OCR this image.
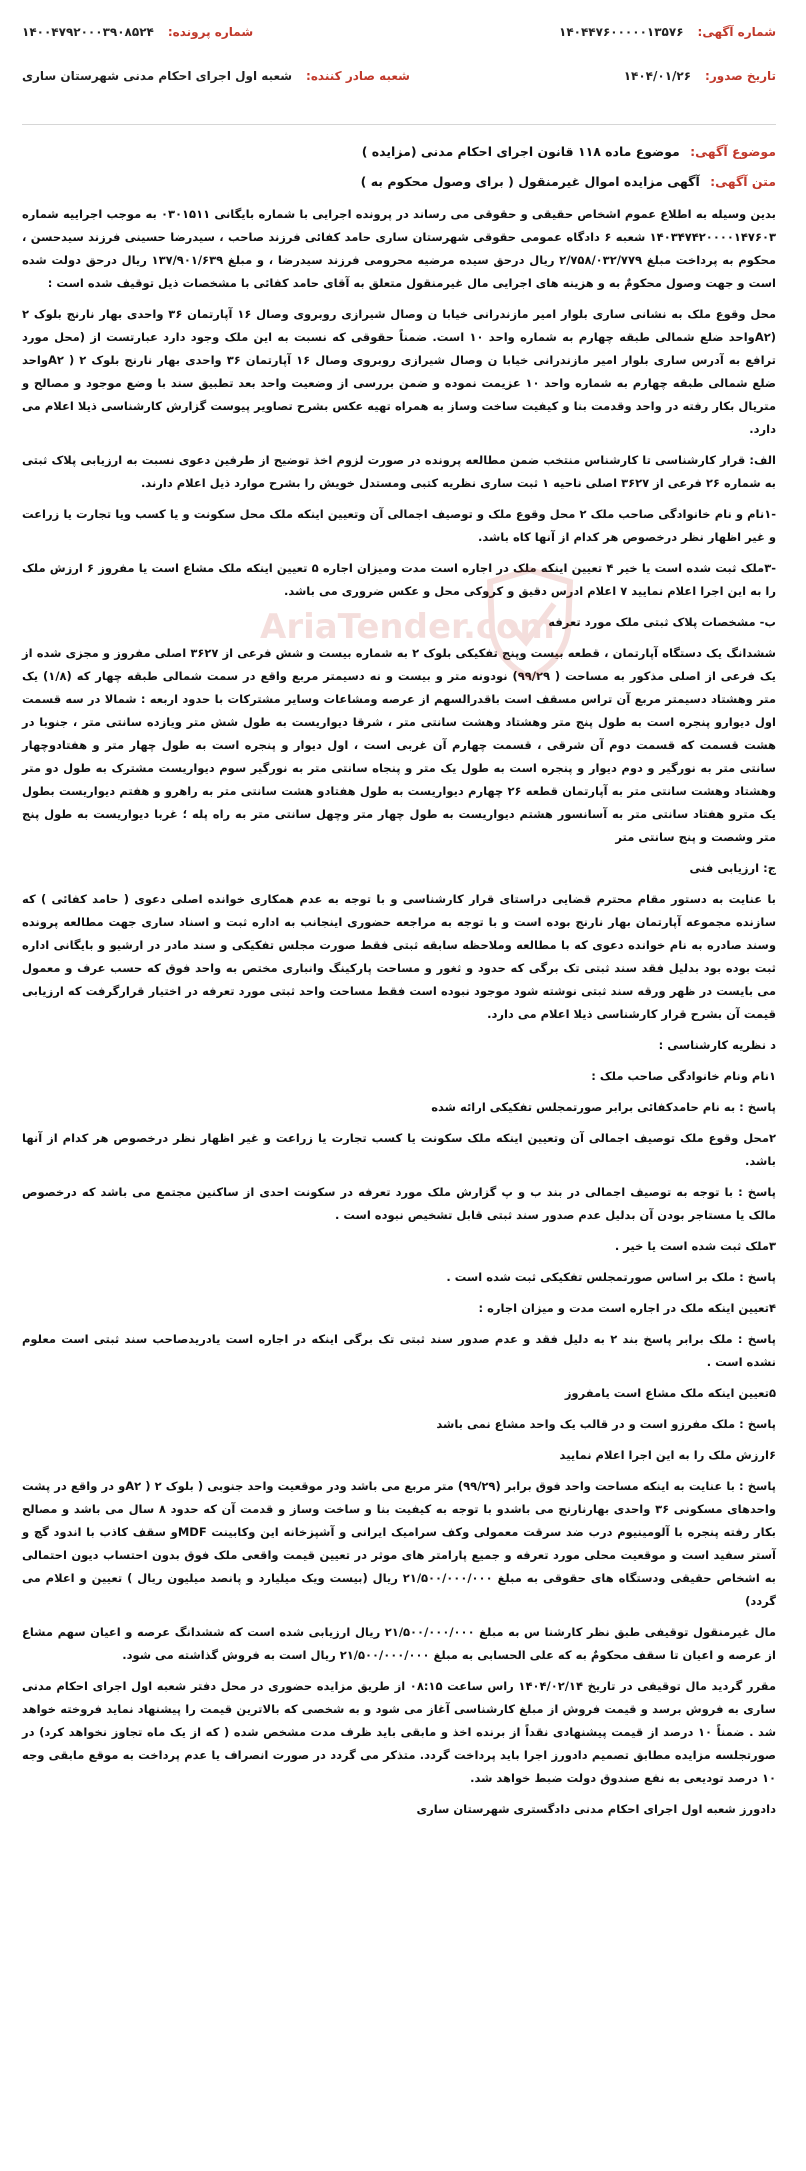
AriaTender.com
شماره آگهی:
۱۴۰۴۴۷۶۰۰۰۰۰۱۳۵۷۶
شماره پرونده:
۱۴۰۰۴۷۹۲۰۰۰۳۹۰۸۵۲۴
تاریخ صدور:
۱۴۰۴/۰۱/۲۶
شعبه صادر کننده:
شعبه اول اجرای احکام مدنی شهرستان ساری
موضوع آگهی: موضوع ماده ۱۱۸ قانون اجرای احکام مدنی (مزایده )
متن آگهی: آگهی مزایده اموال غیرمنقول ( برای وصول محکوم به )

بدین وسیله به اطلاع عموم اشخاص حقیقی و حقوقی می رساند در پرونده اجرایی با شماره بایگانی ۰۳۰۱۵۱۱ به موجب اجراییه شماره ۱۴۰۳۴۷۴۲۰۰۰۰۱۴۷۶۰۳ شعبه ۶ دادگاه عمومی حقوقی شهرستان ساری حامد کفائی فرزند صاحب ، سیدرضا حسینی فرزند سیدحسن ، محکوم به پرداخت مبلغ ۲/۷۵۸/۰۳۲/۷۷۹ ریال درحق سیده مرضیه محرومی فرزند سیدرضا ، و مبلغ ۱۳۷/۹۰۱/۶۳۹ ریال درحق دولت شده است و جهت وصول محکومٌ به و هزینه های اجرایی مال غیرمنقول متعلق به آقای حامد کفائی با مشخصات ذیل توقیف شده است :

محل وقوع ملک به نشانی ساری بلوار امیر مازندرانی خیابا ن وصال شیرازی روبروی وصال ۱۶ آپارتمان ۳۶ واحدی بهار نارنج بلوک ۲ (A۲واحد ضلع شمالی طبقه چهارم به شماره واحد ۱۰ است. ضمناً حقوقی که نسبت به این ملک وجود دارد عبارتست از (محل مورد ترافع به آدرس ساری بلوار امیر مازندرانی خیابا ن وصال شیرازی روبروی وصال ۱۶ آپارتمان ۳۶ واحدی بهار نارنج بلوک ۲ ( A۲واحد ضلع شمالی طبقه چهارم به شماره واحد ۱۰ عزیمت نموده و ضمن بررسی از وضعیت واحد بعد تطبیق سند با وضع موجود و مصالح و متریال بکار رفته در واحد وقدمت بنا و کیفیت ساخت وساز به همراه تهیه عکس بشرح تصاویر پیوست گزارش کارشناسی ذیلا اعلام می دارد.

الف: قرار کارشناسی تا کارشناس منتخب ضمن مطالعه پرونده در صورت لزوم اخذ توضیح از طرفین دعوی نسبت به ارزیابی پلاک ثبتی به شماره ۲۶ فرعی از ۳۶۲۷ اصلی ناحیه ۱ ثبت ساری نظریه کتبی ومستدل خویش را بشرح موارد ذیل اعلام دارند.

-۱نام و نام خانوادگی صاحب ملک ۲ محل وقوع ملک و توصیف اجمالی آن وتعیین اینکه ملک محل سکونت و یا کسب ویا تجارت یا زراعت و غیر اظهار نظر درخصوص هر کدام از آنها کاه باشد.

-۳ملک ثبت شده است یا خیر ۴ تعیین اینکه ملک در اجاره است مدت ومیزان اجاره ۵ تعیین اینکه ملک مشاع است یا مفروز ۶ ارزش ملک را به این اجرا اعلام نمایید ۷ اعلام ادرس دقیق و کروکی محل و عکس ضروری می باشد.

ب- مشخصات پلاک ثبتی ملک مورد تعرفه

ششدانگ یک دستگاه آپارتمان ، قطعه بیست وپنج تفکیکی بلوک ۲ به شماره بیست و شش فرعی از ۳۶۲۷ اصلی مفروز و مجزی شده از یک فرعی از اصلی مذکور به مساحت ( ۹۹/۲۹) نودونه متر و بیست و نه دسیمتر مربع واقع در سمت شمالی طبقه چهار که (۱/۸) یک متر وهشتاد دسیمتر مربع آن تراس مسقف است باقدرالسهم از عرصه ومشاعات وسایر مشترکات با حدود اربعه : شمالا در سه قسمت اول دیوارو پنجره است به طول پنج متر وهشتاد وهشت سانتی متر ، شرقا دیواریست به طول شش متر ویازده سانتی متر ، جنوبا در هشت قسمت که قسمت دوم آن شرقی ، قسمت چهارم آن غربی است ، اول دیوار و پنجره است به طول چهار متر و هفتادوچهار سانتی متر به نورگیر و دوم دیوار و پنجره است به طول یک متر و پنجاه سانتی متر به نورگیر سوم دیواریست مشترک به طول دو متر وهشتاد وهشت سانتی متر به آپارتمان قطعه ۲۶ چهارم دیواریست به طول هفتادو هشت سانتی متر به راهرو و هفتم دیواریست بطول یک مترو هفتاد سانتی متر به آسانسور هشتم دیواریست به طول چهار متر وچهل سانتی متر به راه پله ؛ غربا دیواریست به طول پنج متر وشصت و پنج سانتی متر

ج: ارزیابی فنی

با عنایت به دستور مقام محترم قضایی دراستای قرار کارشناسی و با توجه به عدم همکاری خوانده اصلی دعوی ( حامد کفائی ) که سازنده مجموعه آپارتمان بهار نارنج بوده است و با توجه به مراجعه حضوری اینجانب به اداره ثبت و اسناد ساری جهت مطالعه پرونده وسند صادره به نام خوانده دعوی که با مطالعه وملاحظه سابقه ثبتی فقط صورت مجلس تفکیکی و سند مادر در ارشیو و بایگانی اداره ثبت بوده بود بدلیل فقد سند ثبتی تک برگی که حدود و ثغور و مساحت پارکینگ وانباری مختص به واحد فوق که حسب عرف و معمول می بایست در ظهر ورقه سند ثبتی نوشته شود موجود نبوده است فقط مساحت واحد ثبتی مورد تعرفه در اختیار قرارگرفت که ارزیابی قیمت آن بشرح قرار کارشناسی ذیلا اعلام می دارد.

د نظریه کارشناسی :

۱نام ونام خانوادگی صاحب ملک :

پاسخ : به نام حامدکفائی برابر صورتمجلس تفکیکی ارائه شده

۲محل وقوع ملک توصیف اجمالی آن وتعیین اینکه ملک سکونت یا کسب تجارت یا زراعت و غیر اظهار نظر درخصوص هر کدام از آنها باشد.

پاسخ : با توجه به توصیف اجمالی در بند ب و پ گزارش ملک مورد تعرفه در سکونت احدی از ساکنین مجتمع می باشد که درخصوص مالک یا مستاجر بودن آن بدلیل عدم صدور سند ثبتی قابل تشخیص نبوده است .

۳ملک ثبت شده است یا خیر .

پاسخ : ملک بر اساس صورتمجلس تفکیکی ثبت شده است .

۴تعیین اینکه ملک در اجاره است مدت و میزان اجاره :

پاسخ : ملک برابر پاسخ بند ۲ به دلیل فقد و عدم صدور سند ثبتی تک برگی اینکه در اجاره است یادریدصاحب سند ثبتی است معلوم نشده است .

۵تعیین اینکه ملک مشاع است یامفروز

پاسخ : ملک مفرزو است و در قالب یک واحد مشاع نمی باشد

۶ارزش ملک را به این اجرا اعلام نمایید

پاسخ : با عنایت به اینکه مساحت واحد فوق برابر (۹۹/۲۹) متر مربع می باشد ودر موقعیت واحد جنوبی ( بلوک ۲ ( A۲و در واقع در پشت واحدهای مسکونی ۳۶ واحدی بهارنارنج می باشدو با توجه به کیفیت بنا و ساخت وساز و قدمت آن که حدود ۸ سال می باشد و مصالح بکار رفته پنجره با آلومینیوم درب ضد سرقت معمولی وکف سرامیک ایرانی و آشپزخانه این وکابینت MDFو سقف کاذب با اندود گچ و آستر سفید است و موقعیت محلی مورد تعرفه و جمیع پارامتر های موثر در تعیین قیمت واقعی ملک فوق بدون احتساب دیون احتمالی به اشخاص حقیقی ودستگاه های حقوقی به مبلغ ۲۱/۵۰۰/۰۰۰/۰۰۰ ریال (بیست ویک میلیارد و پانصد میلیون ریال ) تعیین و اعلام می گردد)

مال غیرمنقول توقیفی طبق نظر کارشنا س به مبلغ ۲۱/۵۰۰/۰۰۰/۰۰۰ ریال ارزیابی شده است که ششدانگ عرصه و اعیان سهم مشاع از عرصه و اعیان تا سقف محکومٌ به که علی الحسابی به مبلغ ۲۱/۵۰۰/۰۰۰/۰۰۰ ریال است به فروش گذاشته می شود.

مقرر گردید مال توقیفی در تاریخ ۱۴۰۴/۰۲/۱۴ راس ساعت ۰۸:۱۵ از طریق مزایده حضوری در محل دفتر شعبه اول اجرای احکام مدنی ساری به فروش برسد و قیمت فروش از مبلغ کارشناسی آغاز می شود و به شخصی که بالاترین قیمت را پیشنهاد نماید فروخته خواهد شد . ضمناً ۱۰ درصد از قیمت پیشنهادی نقداً از برنده اخذ و مابقی باید ظرف مدت مشخص شده ( که از یک ماه تجاوز نخواهد کرد) در صورتجلسه مزایده مطابق تصمیم دادورز اجرا باید پرداخت گردد. متذکر می گردد در صورت انصراف یا عدم پرداخت به موقع مابقی وجه ۱۰ درصد تودیعی به نفع صندوق دولت ضبط خواهد شد.

دادورز شعبه اول اجرای احکام مدنی دادگستری شهرستان ساری
